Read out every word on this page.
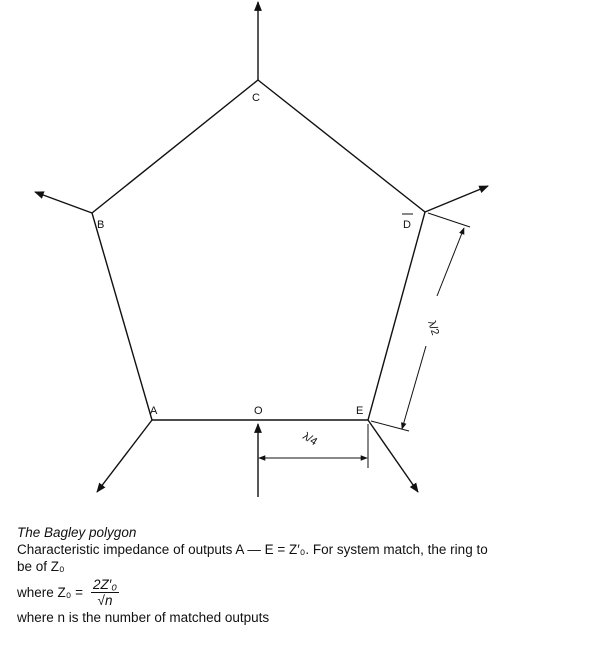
λ/2
λ/4
C
B	D
A	O	E
The Bagley polygon
Characteristic impedance of outputs A — E = Z′₀. For system match, the ring to
be of Z₀
where $Z_0 = \frac{\text{2Z′₀}}{√n}$
where n is the number of matched outputs
